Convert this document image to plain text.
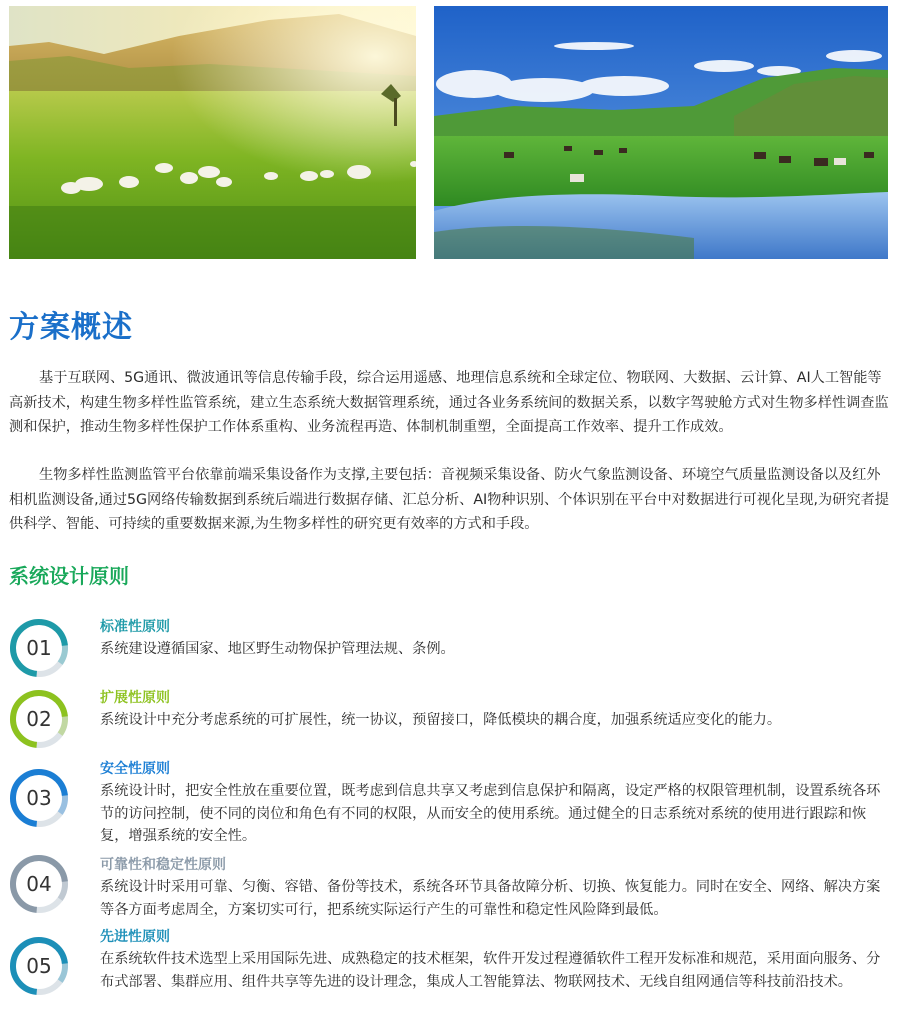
方案概述

基于互联网、5G通讯、微波通讯等信息传输手段，综合运用遥感、地理信息系统和全球定位、物联网、大数据、云计算、AI人工智能等高新技术，构建生物多样性监管系统，建立生态系统大数据管理系统，通过各业务系统间的数据关系，以数字驾驶舱方式对生物多样性调查监测和保护，推动生物多样性保护工作体系重构、业务流程再造、体制机制重塑，全面提高工作效率、提升工作成效。

生物多样性监测监管平台依靠前端采集设备作为支撑,主要包括：音视频采集设备、防火气象监测设备、环境空气质量监测设备以及红外相机监测设备,通过5G网络传输数据到系统后端进行数据存储、汇总分析、AI物种识别、个体识别在平台中对数据进行可视化呈现,为研究者提供科学、智能、可持续的重要数据来源,为生物多样性的研究更有效率的方式和手段。

系统设计原则
01
标准性原则

系统建设遵循国家、地区野生动物保护管理法规、条例。

02
扩展性原则

系统设计中充分考虑系统的可扩展性，统一协议，预留接口，降低模块的耦合度，加强系统适应变化的能力。

03
安全性原则

系统设计时，把安全性放在重要位置，既考虑到信息共享又考虑到信息保护和隔离，设定严格的权限管理机制，设置系统各环节的访问控制，使不同的岗位和角色有不同的权限，从而安全的使用系统。通过健全的日志系统对系统的使用进行跟踪和恢复，增强系统的安全性。

04
可靠性和稳定性原则

系统设计时采用可靠、匀衡、容错、备份等技术，系统各环节具备故障分析、切换、恢复能力。同时在安全、网络、解决方案等各方面考虑周全，方案切实可行，把系统实际运行产生的可靠性和稳定性风险降到最低。

05
先进性原则

在系统软件技术选型上采用国际先进、成熟稳定的技术框架，软件开发过程遵循软件工程开发标准和规范，采用面向服务、分布式部署、集群应用、组件共享等先进的设计理念，集成人工智能算法、物联网技术、无线自组网通信等科技前沿技术。
